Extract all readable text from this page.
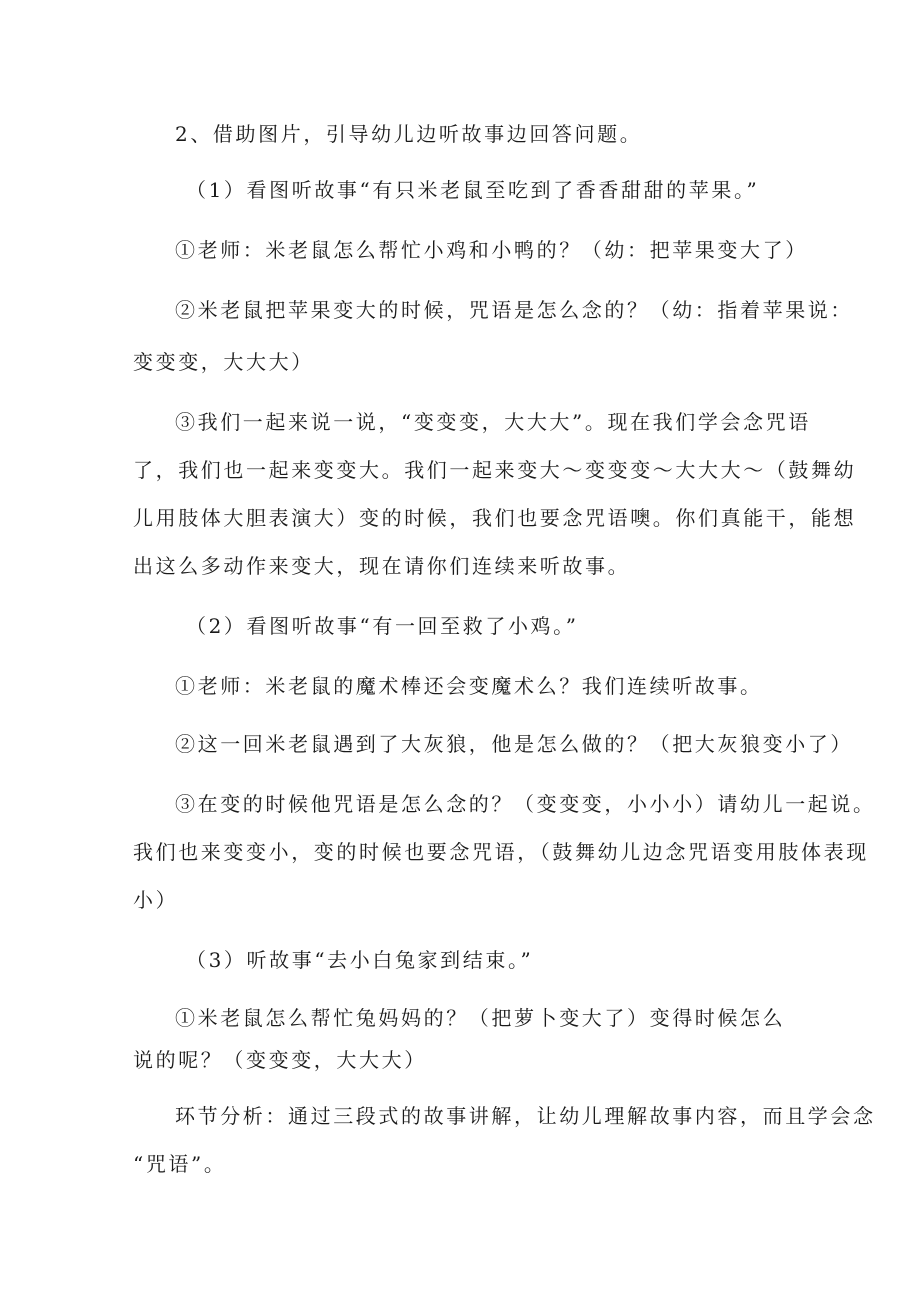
2、借助图片，引导幼儿边听故事边回答问题。
（1）看图听故事“有只米老鼠至吃到了香香甜甜的苹果。”
①老师：米老鼠怎么帮忙小鸡和小鸭的？（幼：把苹果变大了）
②米老鼠把苹果变大的时候，咒语是怎么念的？（幼：指着苹果说：
变变变，大大大）
③我们一起来说一说，“变变变，大大大”。现在我们学会念咒语
了，我们也一起来变变大。我们一起来变大～变变变～大大大～（鼓舞幼
儿用肢体大胆表演大）变的时候，我们也要念咒语噢。你们真能干，能想
出这么多动作来变大，现在请你们连续来听故事。
（2）看图听故事“有一回至救了小鸡。”
①老师：米老鼠的魔术棒还会变魔术么？我们连续听故事。
②这一回米老鼠遇到了大灰狼，他是怎么做的？（把大灰狼变小了）
③在变的时候他咒语是怎么念的？（变变变，小小小）请幼儿一起说。
我们也来变变小，变的时候也要念咒语，（鼓舞幼儿边念咒语变用肢体表现
小）
（3）听故事“去小白兔家到结束。”
①米老鼠怎么帮忙兔妈妈的？（把萝卜变大了）变得时候怎么
说的呢？（变变变，大大大）
环节分析：通过三段式的故事讲解，让幼儿理解故事内容，而且学会念
“咒语”。
